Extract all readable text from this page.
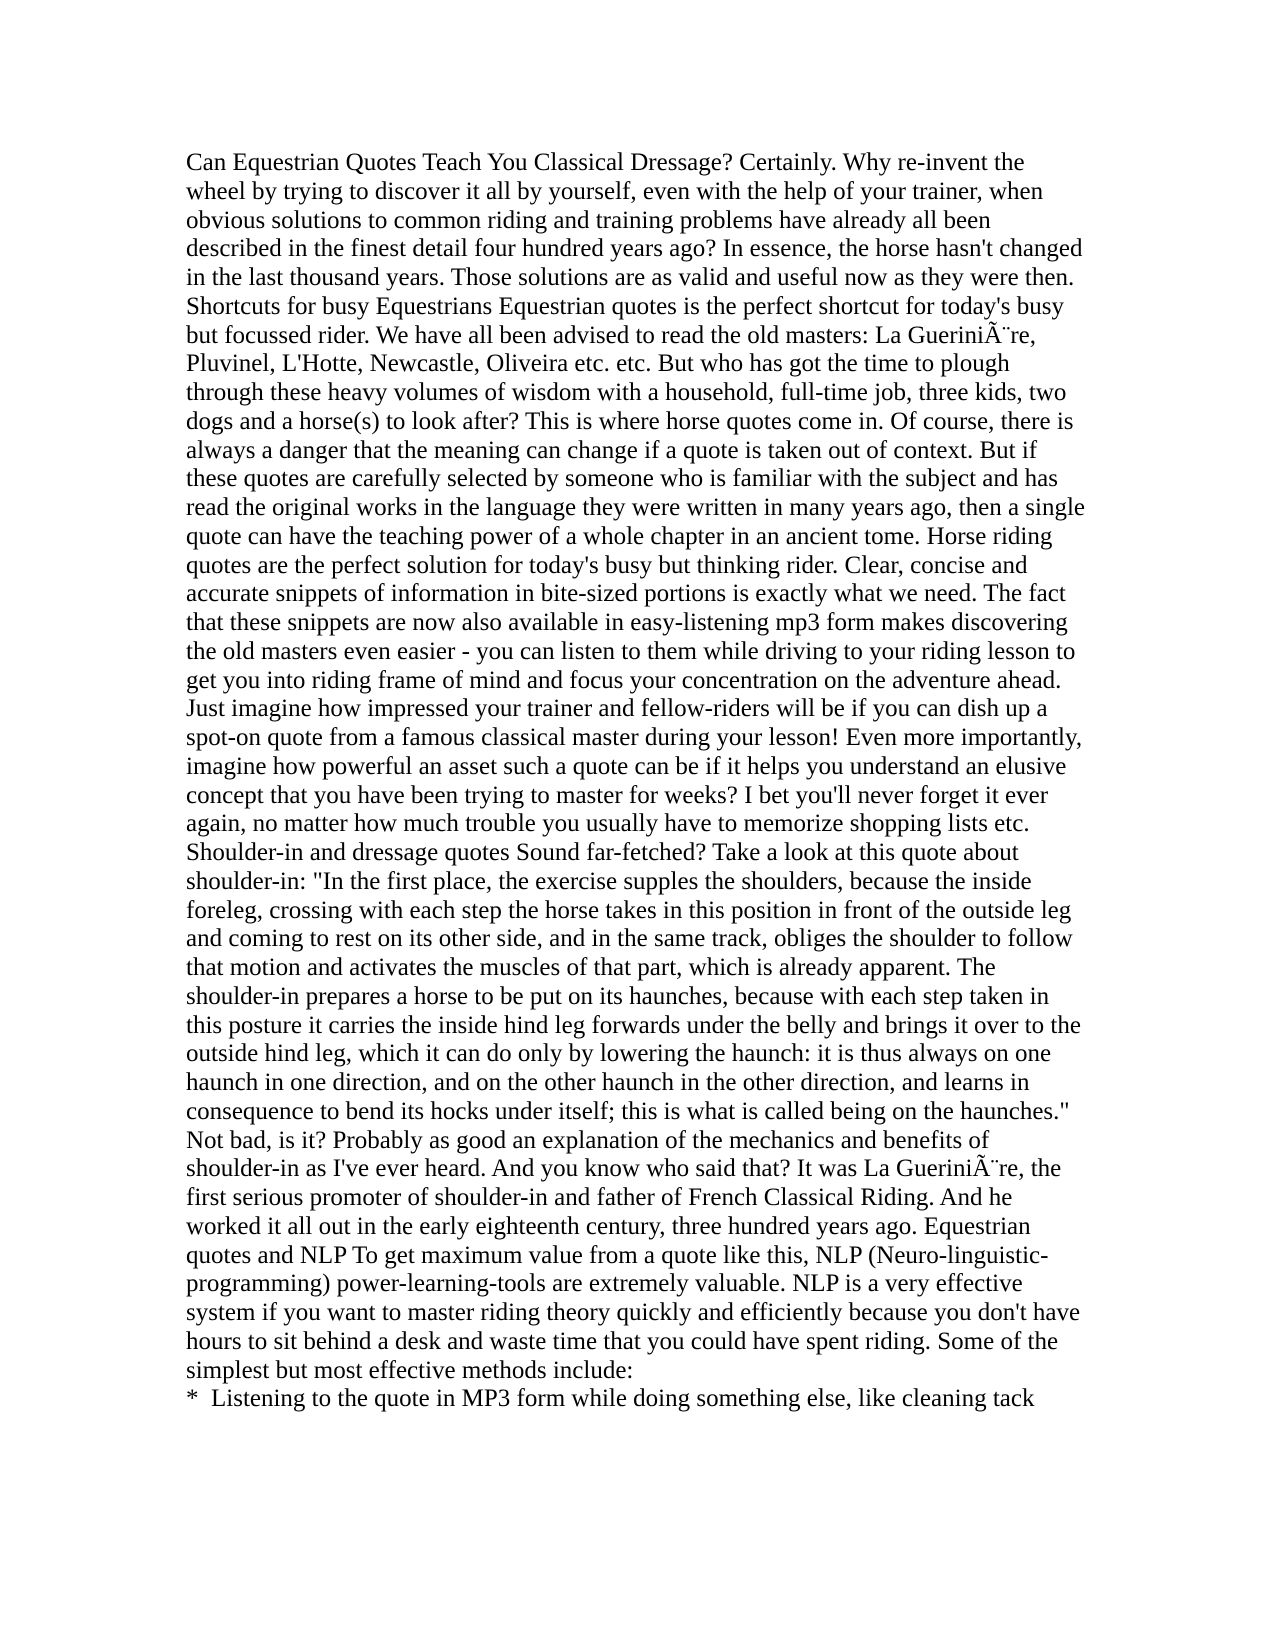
Can Equestrian Quotes Teach You Classical Dressage? Certainly. Why re-invent the
wheel by trying to discover it all by yourself, even with the help of your trainer, when
obvious solutions to common riding and training problems have already all been
described in the finest detail four hundred years ago? In essence, the horse hasn't changed
in the last thousand years. Those solutions are as valid and useful now as they were then.
Shortcuts for busy Equestrians Equestrian quotes is the perfect shortcut for today's busy
but focussed rider. We have all been advised to read the old masters: La GueriniÃ¨re,
Pluvinel, L'Hotte, Newcastle, Oliveira etc. etc. But who has got the time to plough
through these heavy volumes of wisdom with a household, full-time job, three kids, two
dogs and a horse(s) to look after? This is where horse quotes come in. Of course, there is
always a danger that the meaning can change if a quote is taken out of context. But if
these quotes are carefully selected by someone who is familiar with the subject and has
read the original works in the language they were written in many years ago, then a single
quote can have the teaching power of a whole chapter in an ancient tome. Horse riding
quotes are the perfect solution for today's busy but thinking rider. Clear, concise and
accurate snippets of information in bite-sized portions is exactly what we need. The fact
that these snippets are now also available in easy-listening mp3 form makes discovering
the old masters even easier - you can listen to them while driving to your riding lesson to
get you into riding frame of mind and focus your concentration on the adventure ahead.
Just imagine how impressed your trainer and fellow-riders will be if you can dish up a
spot-on quote from a famous classical master during your lesson! Even more importantly,
imagine how powerful an asset such a quote can be if it helps you understand an elusive
concept that you have been trying to master for weeks? I bet you'll never forget it ever
again, no matter how much trouble you usually have to memorize shopping lists etc.
Shoulder-in and dressage quotes Sound far-fetched? Take a look at this quote about
shoulder-in: "In the first place, the exercise supples the shoulders, because the inside
foreleg, crossing with each step the horse takes in this position in front of the outside leg
and coming to rest on its other side, and in the same track, obliges the shoulder to follow
that motion and activates the muscles of that part, which is already apparent. The
shoulder-in prepares a horse to be put on its haunches, because with each step taken in
this posture it carries the inside hind leg forwards under the belly and brings it over to the
outside hind leg, which it can do only by lowering the haunch: it is thus always on one
haunch in one direction, and on the other haunch in the other direction, and learns in
consequence to bend its hocks under itself; this is what is called being on the haunches."
Not bad, is it? Probably as good an explanation of the mechanics and benefits of
shoulder-in as I've ever heard. And you know who said that? It was La GueriniÃ¨re, the
first serious promoter of shoulder-in and father of French Classical Riding. And he
worked it all out in the early eighteenth century, three hundred years ago. Equestrian
quotes and NLP To get maximum value from a quote like this, NLP (Neuro-linguistic-
programming) power-learning-tools are extremely valuable. NLP is a very effective
system if you want to master riding theory quickly and efficiently because you don't have
hours to sit behind a desk and waste time that you could have spent riding. Some of the
simplest but most effective methods include:
*  Listening to the quote in MP3 form while doing something else, like cleaning tack
